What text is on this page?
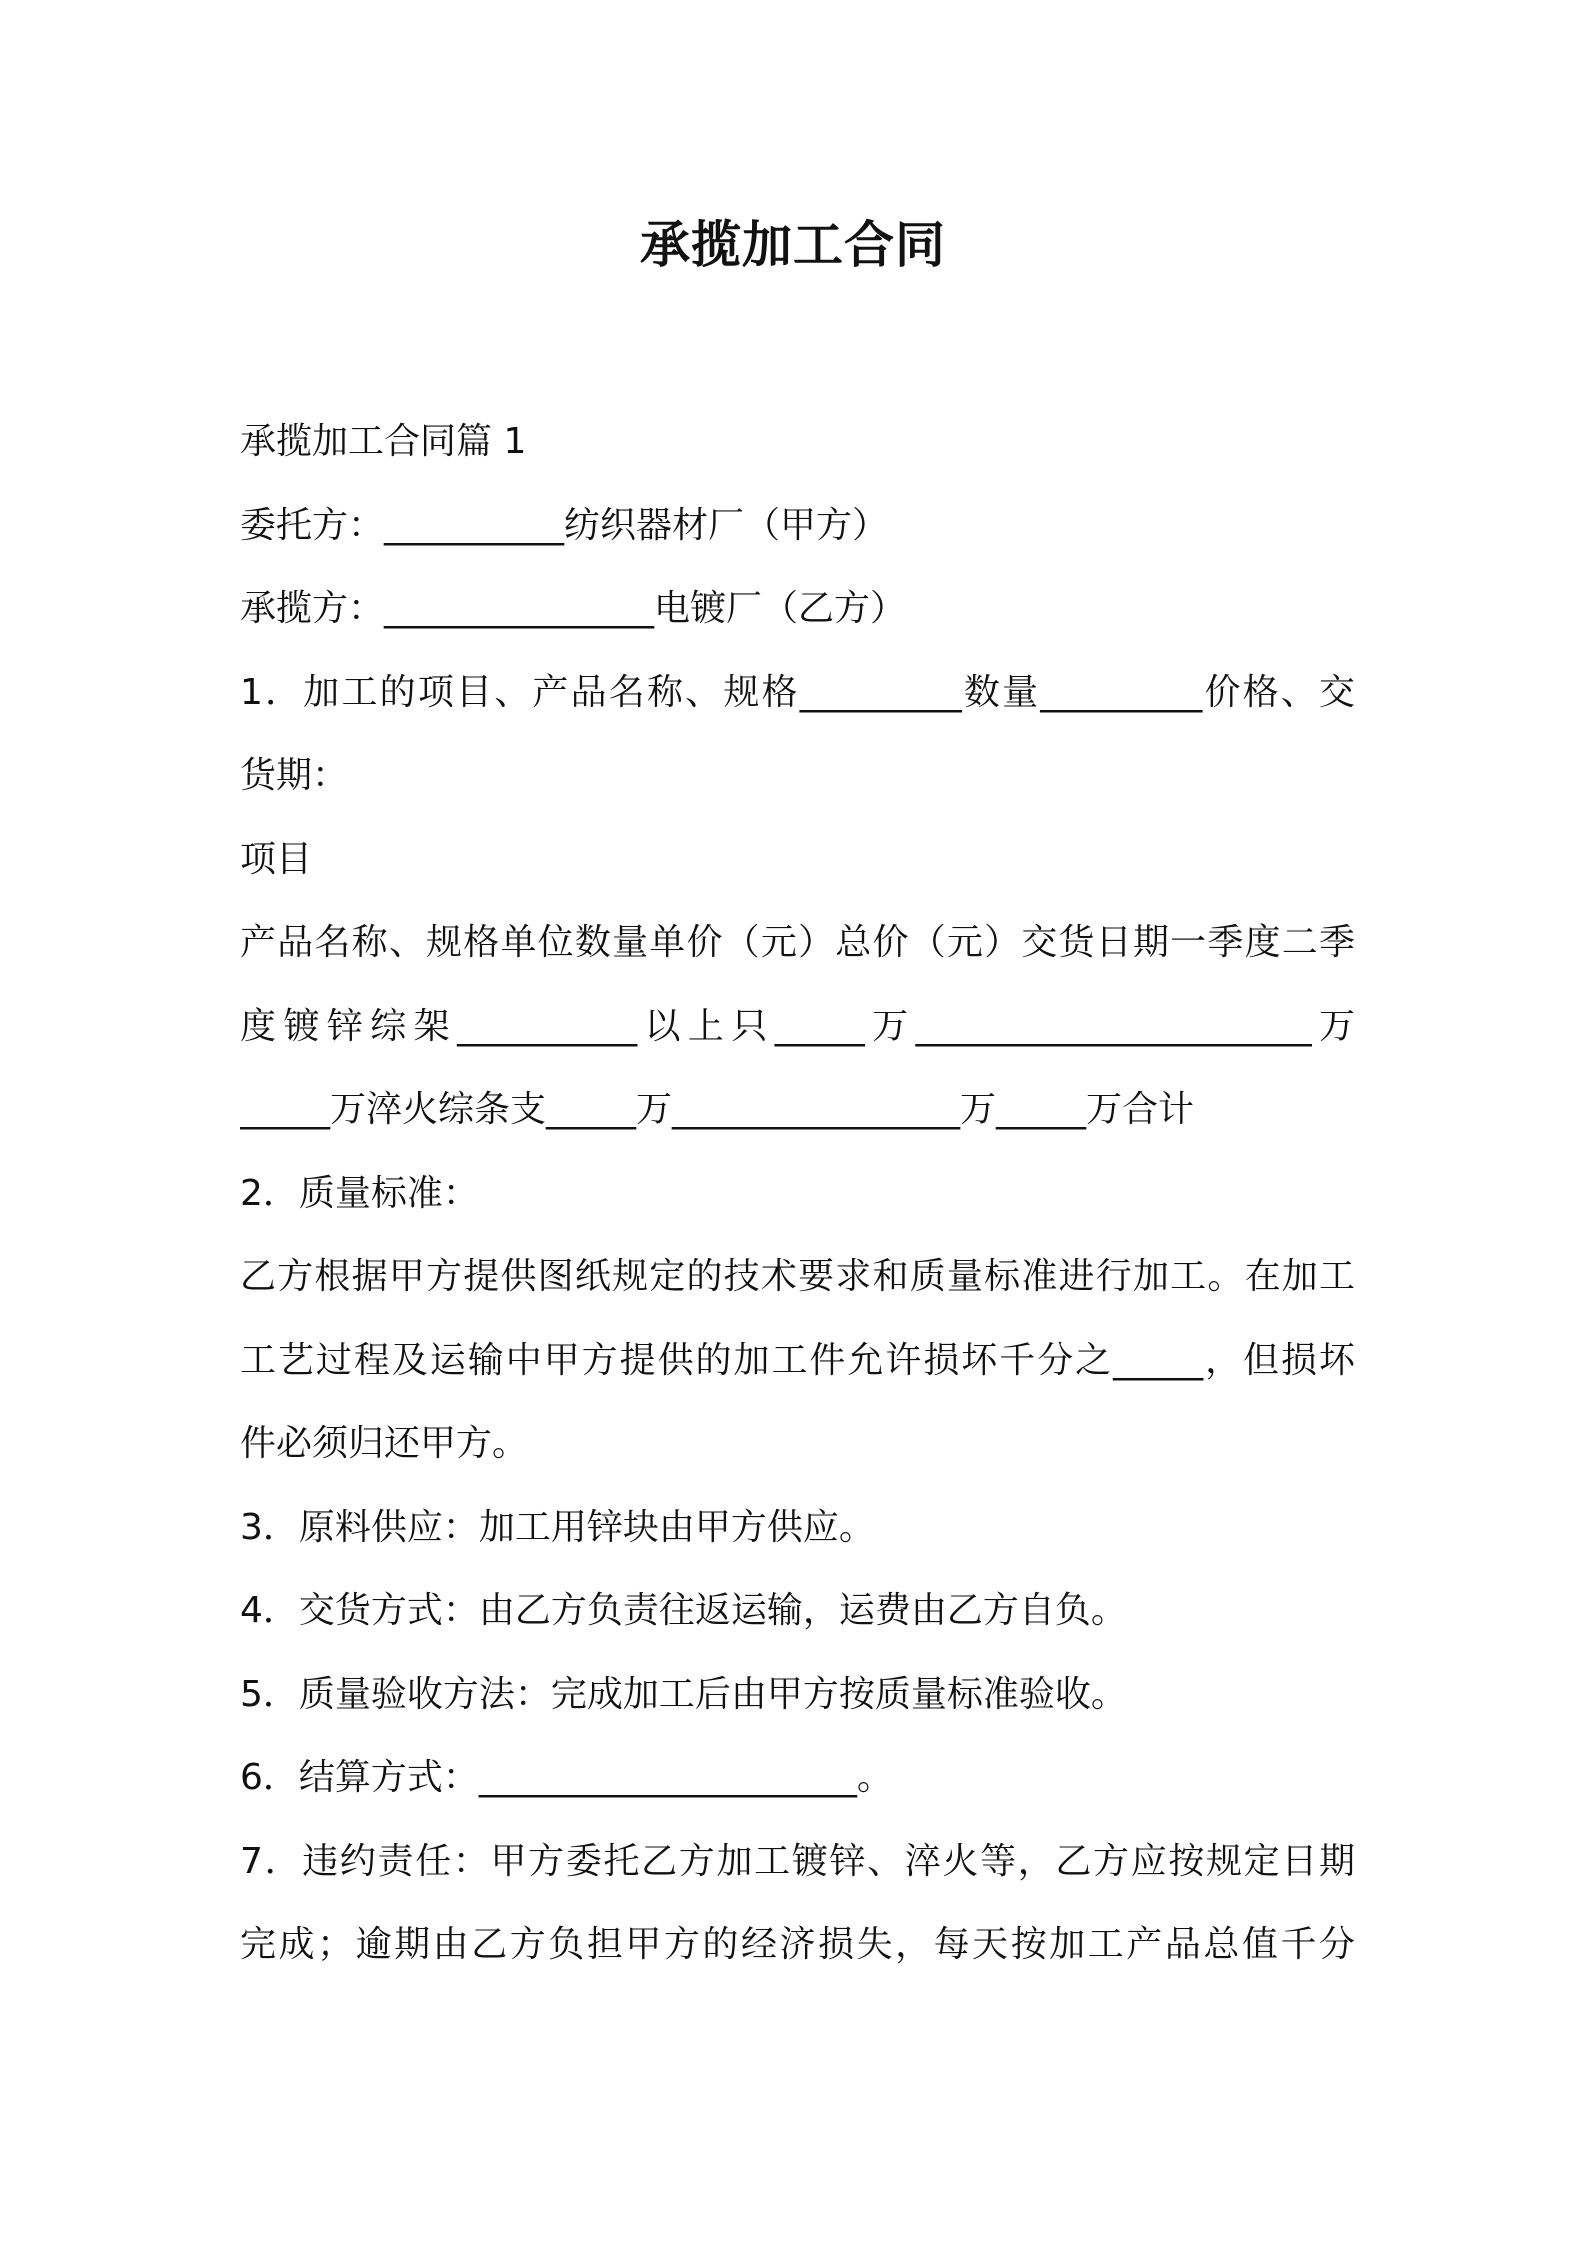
承揽加工合同

承揽加工合同篇 1

委托方：__________纺织器材厂（甲方）

承揽方：_______________电镀厂（乙方）

1．加工的项目、产品名称、规格_________数量_________价格、交

货期：

项目

产品名称、规格单位数量单价（元）总价（元）交货日期一季度二季

度镀锌综架__________以上只_____万______________________万

_____万淬火综条支_____万________________万_____万合计

2．质量标准：

乙方根据甲方提供图纸规定的技术要求和质量标准进行加工。在加工

工艺过程及运输中甲方提供的加工件允许损坏千分之_____，但损坏

件必须归还甲方。

3．原料供应：加工用锌块由甲方供应。

4．交货方式：由乙方负责往返运输，运费由乙方自负。

5．质量验收方法：完成加工后由甲方按质量标准验收。

6．结算方式：_____________________。

7．违约责任：甲方委托乙方加工镀锌、淬火等，乙方应按规定日期

完成；逾期由乙方负担甲方的经济损失，每天按加工产品总值千分
